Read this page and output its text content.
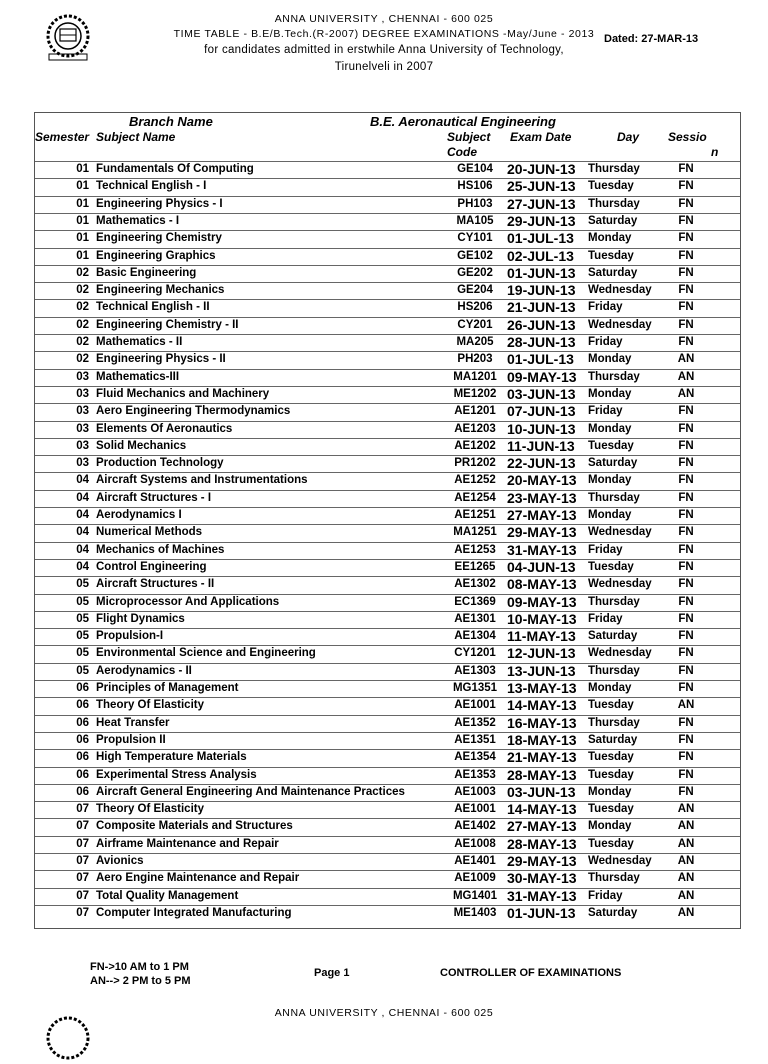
ANNA UNIVERSITY , CHENNAI - 600 025
TIME TABLE - B.E/B.Tech.(R-2007) DEGREE EXAMINATIONS -May/June - 2013
for candidates admitted in erstwhile Anna University of Technology,
Tirunelveli in 2007
Dated: 27-MAR-13
Branch Name	B.E. Aeronautical Engineering
Semester Subject Name	Subject
Code
Exam Date	Day Sessio
n
01 Fundamentals Of Computing	GE104	20-JUN-13 Thursday	FN
01 Technical English - I	HS106	25-JUN-13 Tuesday	FN
01 Engineering Physics - I	PH103	27-JUN-13 Thursday	FN
01 Mathematics - I	MA105 29-JUN-13 Saturday	FN
01 Engineering Chemistry	CY101	01-JUL-13 Monday	FN
01 Engineering Graphics	GE102	02-JUL-13 Tuesday	FN
02 Basic Engineering	GE202	01-JUN-13 Saturday	FN
02 Engineering Mechanics	GE204	19-JUN-13 Wednesday	FN
02 Technical English - II	HS206	21-JUN-13 Friday	FN
02 Engineering Chemistry - II	CY201	26-JUN-13 Wednesday	FN
02 Mathematics - II	MA205 28-JUN-13 Friday	FN
02 Engineering Physics - II	PH203	01-JUL-13 Monday	AN
03 Mathematics-III	MA1201 09-MAY-13 Thursday	AN
03 Fluid Mechanics and Machinery	ME1202 03-JUN-13 Monday	AN
03 Aero Engineering Thermodynamics	AE1201 07-JUN-13 Friday	FN
03 Elements Of Aeronautics	AE1203 10-JUN-13 Monday	FN
03 Solid Mechanics	AE1202 11-JUN-13 Tuesday	FN
03 Production Technology	PR1202 22-JUN-13 Saturday	FN
04 Aircraft Systems and Instrumentations	AE1252 20-MAY-13 Monday	FN
04 Aircraft Structures - I	AE1254 23-MAY-13 Thursday	FN
04 Aerodynamics I	AE1251 27-MAY-13 Monday	FN
04 Numerical Methods	MA1251 29-MAY-13 Wednesday	FN
04 Mechanics of Machines	AE1253 31-MAY-13 Friday	FN
04 Control Engineering	EE1265 04-JUN-13 Tuesday	FN
05 Aircraft Structures - II	AE1302 08-MAY-13 Wednesday	FN
05 Microprocessor And Applications	EC1369 09-MAY-13 Thursday	FN
05 Flight Dynamics	AE1301 10-MAY-13 Friday	FN
05 Propulsion-I	AE1304 11-MAY-13 Saturday	FN
05 Environmental Science and Engineering	CY1201 12-JUN-13 Wednesday	FN
05 Aerodynamics - II	AE1303 13-JUN-13 Thursday	FN
06 Principles of Management	MG1351 13-MAY-13 Monday	FN
06 Theory Of Elasticity	AE1001 14-MAY-13 Tuesday	AN
06 Heat Transfer	AE1352 16-MAY-13 Thursday	FN
06 Propulsion II	AE1351 18-MAY-13 Saturday	FN
06 High Temperature Materials	AE1354 21-MAY-13 Tuesday	FN
06 Experimental Stress Analysis	AE1353 28-MAY-13 Tuesday	FN
06 Aircraft General Engineering And Maintenance Practices	AE1003 03-JUN-13 Monday	FN
07 Theory Of Elasticity	AE1001 14-MAY-13 Tuesday	AN
07 Composite Materials and Structures	AE1402 27-MAY-13 Monday	AN
07 Airframe Maintenance and Repair	AE1008 28-MAY-13 Tuesday	AN
07 Avionics	AE1401 29-MAY-13 Wednesday	AN
07 Aero Engine Maintenance and Repair	AE1009 30-MAY-13 Thursday	AN
07 Total Quality Management	MG1401 31-MAY-13 Friday	AN
07 Computer Integrated Manufacturing	ME1403 01-JUN-13 Saturday	AN
FN->10 AM to 1 PM
AN--> 2 PM to 5 PM
Page 1	CONTROLLER OF EXAMINATIONS
ANNA UNIVERSITY , CHENNAI - 600 025
